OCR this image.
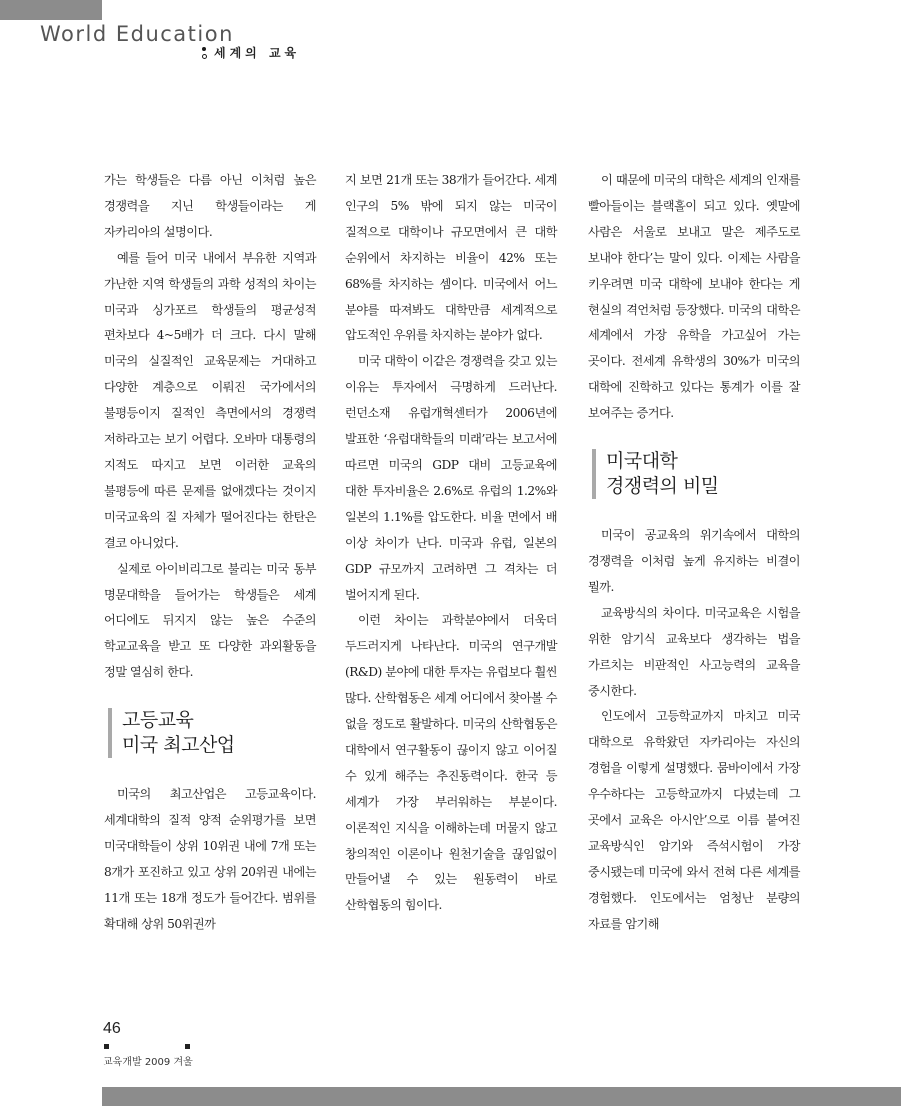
World Education
세계의 교육

가는 학생들은 다름 아닌 이처럼 높은 경쟁력을 지닌 학생들이라는 게 자카리아의 설명이다.

예를 들어 미국 내에서 부유한 지역과 가난한 지역 학생들의 과학 성적의 차이는 미국과 싱가포르 학생들의 평균성적 편차보다 4~5배가 더 크다. 다시 말해 미국의 실질적인 교육문제는 거대하고 다양한 계층으로 이뤄진 국가에서의 불평등이지 질적인 측면에서의 경쟁력 저하라고는 보기 어렵다. 오바마 대통령의 지적도 따지고 보면 이러한 교육의 불평등에 따른 문제를 없애겠다는 것이지 미국교육의 질 자체가 떨어진다는 한탄은 결코 아니었다.

실제로 아이비리그로 불리는 미국 동부 명문대학을 들어가는 학생들은 세계 어디에도 뒤지지 않는 높은 수준의 학교교육을 받고 또 다양한 과외활동을 정말 열심히 한다.

고등교육
미국 최고산업

미국의 최고산업은 고등교육이다. 세계대학의 질적 양적 순위평가를 보면 미국대학들이 상위 10위권 내에 7개 또는 8개가 포진하고 있고 상위 20위권 내에는 11개 또는 18개 정도가 들어간다. 범위를 확대해 상위 50위권까

지 보면 21개 또는 38개가 들어간다. 세계 인구의 5% 밖에 되지 않는 미국이 질적으로 대학이나 규모면에서 큰 대학 순위에서 차지하는 비율이 42% 또는 68%를 차지하는 셈이다. 미국에서 어느 분야를 따져봐도 대학만큼 세계적으로 압도적인 우위를 차지하는 분야가 없다.

미국 대학이 이같은 경쟁력을 갖고 있는 이유는 투자에서 극명하게 드러난다. 런던소재 유럽개혁센터가 2006년에 발표한 ‘유럽대학들의 미래’라는 보고서에 따르면 미국의 GDP 대비 고등교육에 대한 투자비율은 2.6%로 유럽의 1.2%와 일본의 1.1%를 압도한다. 비율 면에서 배 이상 차이가 난다. 미국과 유럽, 일본의 GDP 규모까지 고려하면 그 격차는 더 벌어지게 된다.

이런 차이는 과학분야에서 더욱더 두드러지게 나타난다. 미국의 연구개발(R&D) 분야에 대한 투자는 유럽보다 훨씬 많다. 산학협동은 세계 어디에서 찾아볼 수 없을 정도로 활발하다. 미국의 산학협동은 대학에서 연구활동이 끊이지 않고 이어질 수 있게 해주는 추진동력이다. 한국 등 세계가 가장 부러워하는 부분이다. 이론적인 지식을 이해하는데 머물지 않고 창의적인 이론이나 원천기술을 끊임없이 만들어낼 수 있는 원동력이 바로 산학협동의 힘이다.

이 때문에 미국의 대학은 세계의 인재를 빨아들이는 블랙홀이 되고 있다. 옛말에 사람은 서울로 보내고 말은 제주도로 보내야 한다’는 말이 있다. 이제는 사람을 키우려면 미국 대학에 보내야 한다는 게 현실의 격언처럼 등장했다. 미국의 대학은 세계에서 가장 유학을 가고싶어 가는 곳이다. 전세계 유학생의 30%가 미국의 대학에 진학하고 있다는 통계가 이를 잘 보여주는 증거다.

미국대학
경쟁력의 비밀

미국이 공교육의 위기속에서 대학의 경쟁력을 이처럼 높게 유지하는 비결이 뭘까.

교육방식의 차이다. 미국교육은 시험을 위한 암기식 교육보다 생각하는 법을 가르치는 비판적인 사고능력의 교육을 중시한다.

인도에서 고등학교까지 마치고 미국 대학으로 유학왔던 자카리아는 자신의 경험을 이렇게 설명했다. 뭄바이에서 가장 우수하다는 고등학교까지 다녔는데 그 곳에서 교육은 아시안’으로 이름 붙여진 교육방식인 암기와 즉석시험이 가장 중시됐는데 미국에 와서 전혀 다른 세계를 경험했다. 인도에서는 엄청난 분량의 자료를 암기해

46
교육개발 2009 겨울
